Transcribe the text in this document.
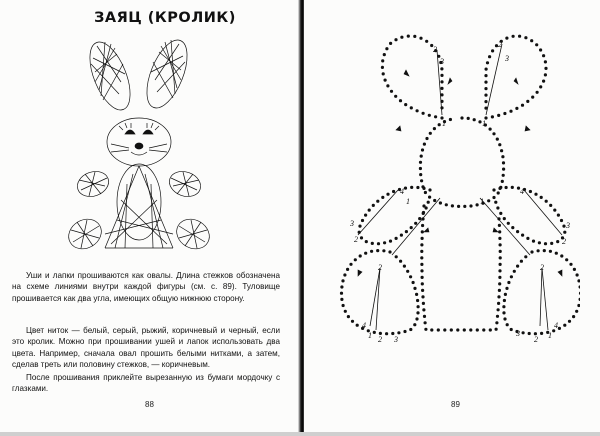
ЗАЯЦ (КРОЛИК)

Уши и лапки прошиваются как овалы. Длина стежков обозначена на схеме линиями внутри каждой фигуры (см. с. 89). Туловище прошивается как два угла, имеющих общую нижнюю сторону.

Цвет ниток — белый, серый, рыжий, коричневый и черный, если это кролик. Можно при прошивании ушей и лапок использовать два цвета. Например, сначала овал прошить белыми нитками, а затем, сделав треть или половину стежков, — коричневым.

После прошивания приклейте вырезанную из бумаги мордочку с глазками.

88	89
2
3
2
3
1	1
4
1
2
3
1
4
2
3
2
4
1 2 3
2
4
3
2 1
